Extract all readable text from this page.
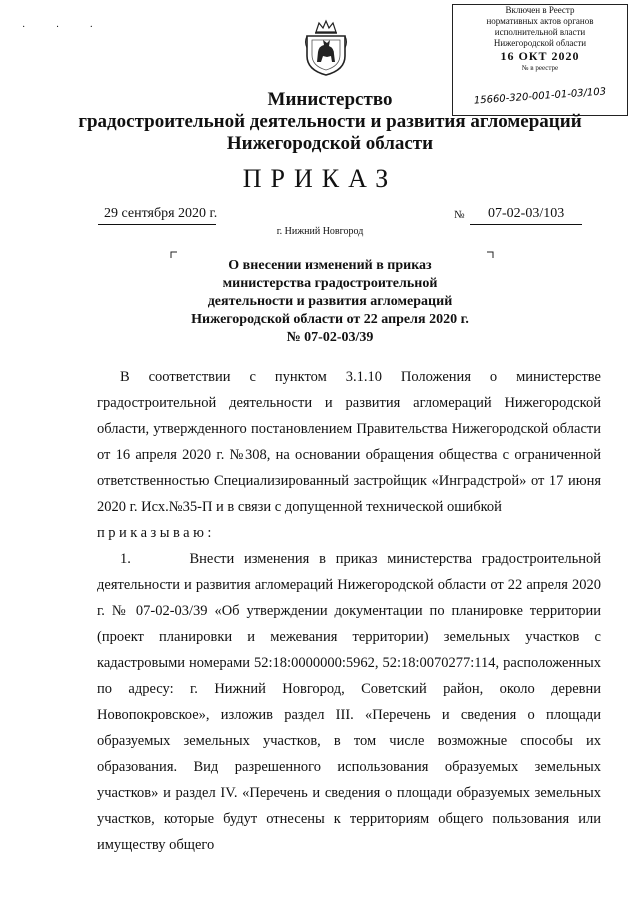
· · ·
Включен в Реестр
нормативных актов органов
исполнительной власти
Нижегородской области
16 ОКТ 2020
№ в реестре
15660-320-001-01-03/103
Министерство
градостроительной деятельности и развития агломераций
Нижегородской области
ПРИКАЗ
29 сентября 2020 г.	№ 07-02-03/103
г. Нижний Новгород
О внесении изменений в приказ
министерства градостроительной
деятельности и развития агломераций
Нижегородской области от 22 апреля 2020 г.
№ 07-02-03/39
В соответствии с пунктом 3.1.10 Положения о министерстве градостроительной деятельности и развития агломераций Нижегородской области, утвержденного постановлением Правительства Нижегородской области от 16 апреля 2020 г. №308, на основании обращения общества с ограниченной ответственностью Специализированный застройщик «Инградстрой» от 17 июня 2020 г. Исх.№35-П и в связи с допущенной технической ошибкой
приказываю:
1.	Внести изменения в приказ министерства градостроительной деятельности и развития агломераций Нижегородской области от 22 апреля 2020 г. № 07-02-03/39 «Об утверждении документации по планировке территории (проект планировки и межевания территории) земельных участков с кадастровыми номерами 52:18:0000000:5962, 52:18:0070277:114, расположенных по адресу: г. Нижний Новгород, Советский район, около деревни Новопокровское», изложив раздел III. «Перечень и сведения о площади образуемых земельных участков, в том числе возможные способы их образования. Вид разрешенного использования образуемых земельных участков» и раздел IV. «Перечень и сведения о площади образуемых земельных участков, которые будут отнесены к территориям общего пользования или имуществу общего
